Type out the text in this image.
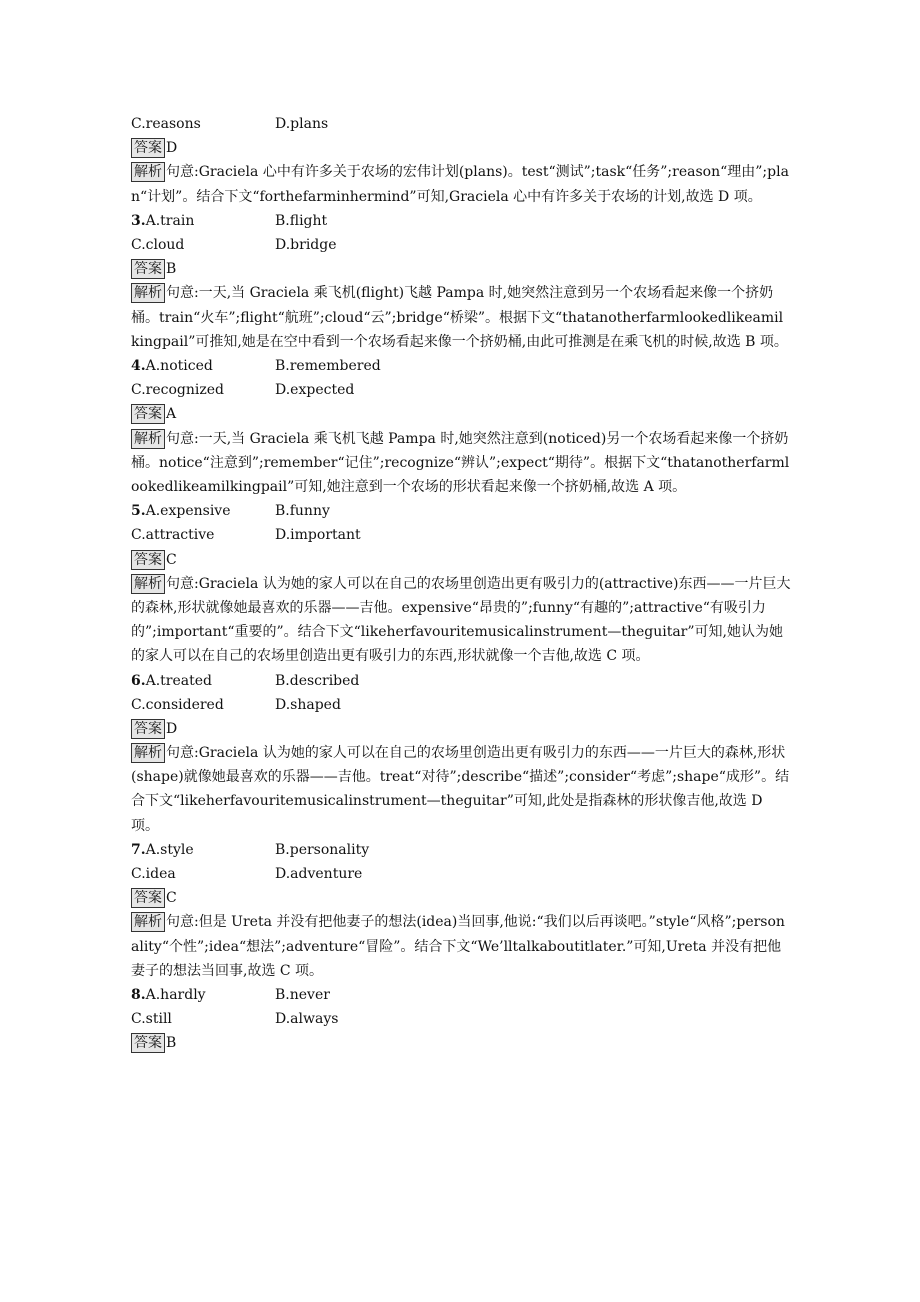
C.reasons	D.plans
答案 D
解析 句意:Graciela 心中有许多关于农场的宏伟计划(plans)。test“测试”;task“任务”;reason“理由”;plan“计划”。结合下文“forthefarminhermind”可知,Graciela 心中有许多关于农场的计划,故选 D 项。
3.A.train	B.flight
C.cloud	D.bridge
答案 B
解析 句意:一天,当 Graciela 乘飞机(flight)飞越 Pampa 时,她突然注意到另一个农场看起来像一个挤奶桶。train“火车”;flight“航班”;cloud“云”;bridge“桥梁”。根据下文“thatanotherfarmlookedlikeamilkingpail”可推知,她是在空中看到一个农场看起来像一个挤奶桶,由此可推测是在乘飞机的时候,故选 B 项。
4.A.noticed	B.remembered
C.recognized	D.expected
答案 A
解析 句意:一天,当 Graciela 乘飞机飞越 Pampa 时,她突然注意到(noticed)另一个农场看起来像一个挤奶桶。notice“注意到”;remember“记住”;recognize“辨认”;expect“期待”。根据下文“thatanotherfarmlookedlikeamilkingpail”可知,她注意到一个农场的形状看起来像一个挤奶桶,故选 A 项。
5.A.expensive	B.funny
C.attractive	D.important
答案 C
解析 句意:Graciela 认为她的家人可以在自己的农场里创造出更有吸引力的(attractive)东西——一片巨大的森林,形状就像她最喜欢的乐器——吉他。expensive“昂贵的”;funny“有趣的”;attractive“有吸引力的”;important“重要的”。结合下文“likeherfavouritemusicalinstrument—theguitar”可知,她认为她的家人可以在自己的农场里创造出更有吸引力的东西,形状就像一个吉他,故选 C 项。
6.A.treated	B.described
C.considered	D.shaped
答案 D
解析 句意:Graciela 认为她的家人可以在自己的农场里创造出更有吸引力的东西——一片巨大的森林,形状(shape)就像她最喜欢的乐器——吉他。treat“对待”;describe“描述”;consider“考虑”;shape“成形”。结合下文“likeherfavouritemusicalinstrument—theguitar”可知,此处是指森林的形状像吉他,故选 D 项。
7.A.style	B.personality
C.idea	D.adventure
答案 C
解析 句意:但是 Ureta 并没有把他妻子的想法(idea)当回事,他说:“我们以后再谈吧。”style“风格”;personality“个性”;idea“想法”;adventure“冒险”。结合下文“We’lltalkaboutitlater.”可知,Ureta 并没有把他妻子的想法当回事,故选 C 项。
8.A.hardly	B.never
C.still	D.always
答案 B
